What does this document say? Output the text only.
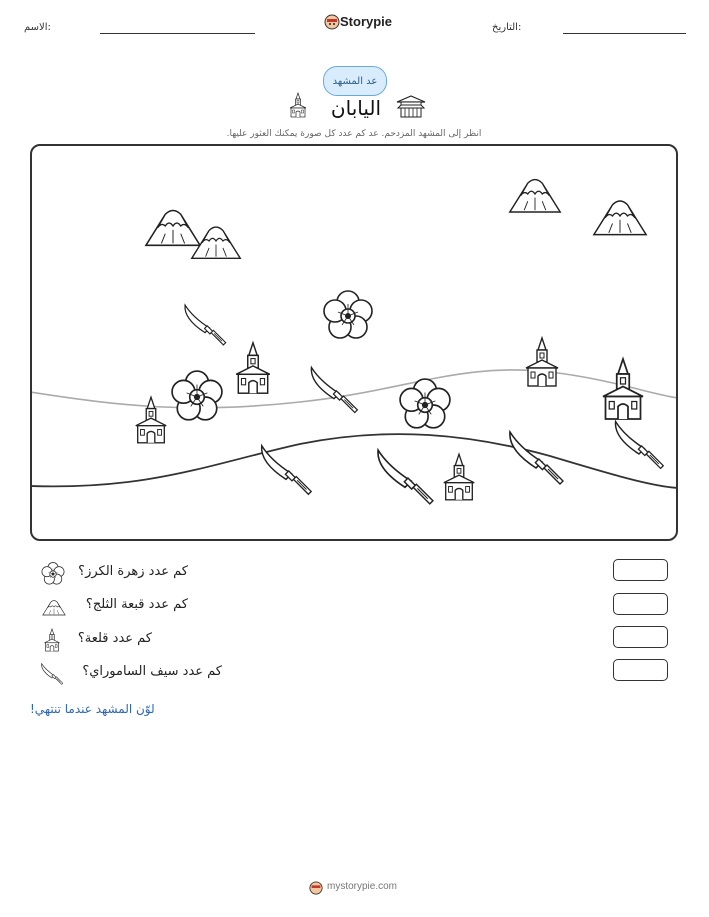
الاسم:	Storypie	التاريخ:
عد المشهد
اليابان
انظر إلى المشهد المزدحم. عد كم عدد كل صورة يمكنك العثور عليها.
كم عدد زهرة الكرز؟
كم عدد قبعة الثلج؟
كم عدد قلعة؟
كم عدد سيف الساموراي؟
لوّن المشهد عندما تنتهي!
mystorypie.com
